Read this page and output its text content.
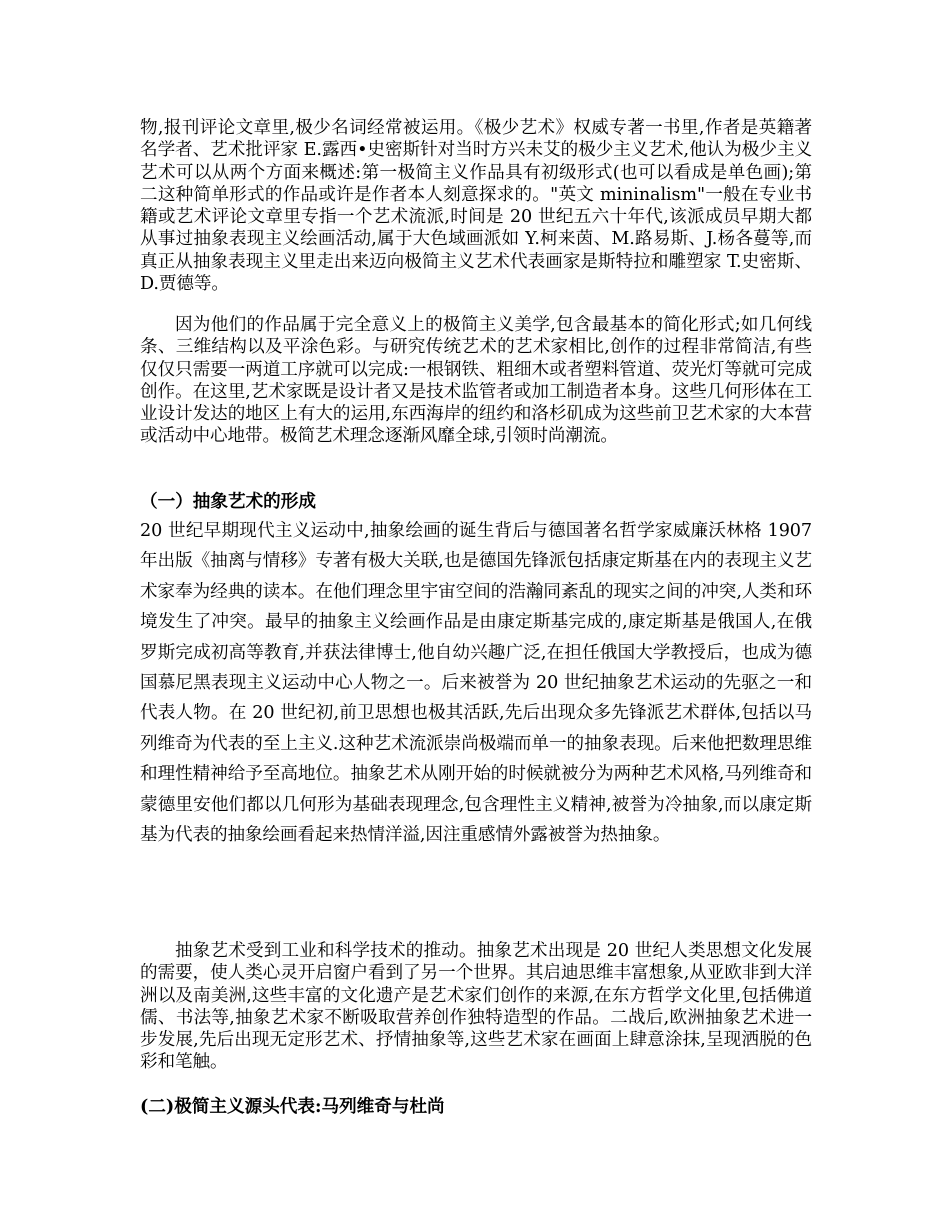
物,报刊评论文章里,极少名词经常被运用。《极少艺术》权威专著一书里,作者是英籍著名学者、艺术批评家 E.露西•史密斯针对当时方兴未艾的极少主义艺术,他认为极少主义艺术可以从两个方面来概述:第一极简主义作品具有初级形式(也可以看成是单色画);第二这种简单形式的作品或许是作者本人刻意探求的。"英文 mininalism"一般在专业书籍或艺术评论文章里专指一个艺术流派,时间是 20 世纪五六十年代,该派成员早期大都从事过抽象表现主义绘画活动,属于大色域画派如 Y.柯来茵、M.路易斯、J.杨各蔓等,而真正从抽象表现主义里走出来迈向极简主义艺术代表画家是斯特拉和雕塑家 T.史密斯、D.贾德等。

因为他们的作品属于完全意义上的极简主义美学,包含最基本的简化形式;如几何线条、三维结构以及平涂色彩。与研究传统艺术的艺术家相比,创作的过程非常简洁,有些仅仅只需要一两道工序就可以完成:一根钢铁、粗细木或者塑料管道、荧光灯等就可完成创作。在这里,艺术家既是设计者又是技术监管者或加工制造者本身。这些几何形体在工业设计发达的地区上有大的运用,东西海岸的纽约和洛杉矶成为这些前卫艺术家的大本营或活动中心地带。极简艺术理念逐渐风靡全球,引领时尚潮流。

（一）抽象艺术的形成

20 世纪早期现代主义运动中,抽象绘画的诞生背后与德国著名哲学家威廉沃林格 1907 年出版《抽离与情移》专著有极大关联,也是德国先锋派包括康定斯基在内的表现主义艺术家奉为经典的读本。在他们理念里宇宙空间的浩瀚同紊乱的现实之间的冲突,人类和环境发生了冲突。最早的抽象主义绘画作品是由康定斯基完成的,康定斯基是俄国人,在俄罗斯完成初高等教育,并获法律博士,他自幼兴趣广泛,在担任俄国大学教授后，也成为德国慕尼黑表现主义运动中心人物之一。后来被誉为 20 世纪抽象艺术运动的先驱之一和代表人物。在 20 世纪初,前卫思想也极其活跃,先后出现众多先锋派艺术群体,包括以马列维奇为代表的至上主义.这种艺术流派崇尚极端而单一的抽象表现。后来他把数理思维和理性精神给予至高地位。抽象艺术从刚开始的时候就被分为两种艺术风格,马列维奇和蒙德里安他们都以几何形为基础表现理念,包含理性主义精神,被誉为冷抽象,而以康定斯基为代表的抽象绘画看起来热情洋溢,因注重感情外露被誉为热抽象。

抽象艺术受到工业和科学技术的推动。抽象艺术出现是 20 世纪人类思想文化发展的需要，使人类心灵开启窗户看到了另一个世界。其启迪思维丰富想象,从亚欧非到大洋洲以及南美洲,这些丰富的文化遗产是艺术家们创作的来源,在东方哲学文化里,包括佛道儒、书法等,抽象艺术家不断吸取营养创作独特造型的作品。二战后,欧洲抽象艺术进一步发展,先后出现无定形艺术、抒情抽象等,这些艺术家在画面上肆意涂抹,呈现洒脱的色彩和笔触。

(二)极简主义源头代表:马列维奇与杜尚
